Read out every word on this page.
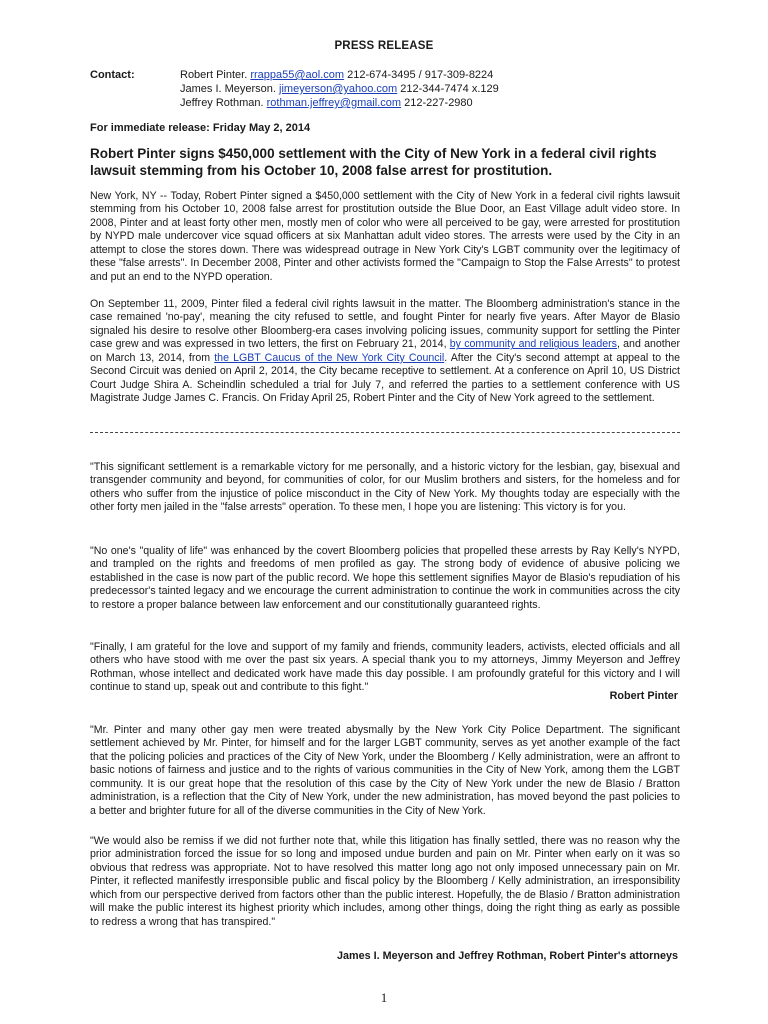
PRESS RELEASE
Contact:	Robert Pinter. rrappa55@aol.com 212-674-3495 / 917-309-8224
James I. Meyerson. jimeyerson@yahoo.com 212-344-7474 x.129
Jeffrey Rothman. rothman.jeffrey@gmail.com 212-227-2980
For immediate release: Friday May 2, 2014
Robert Pinter signs $450,000 settlement with the City of New York in a federal civil rights lawsuit stemming from his October 10, 2008 false arrest for prostitution.
New York, NY -- Today, Robert Pinter signed a $450,000 settlement with the City of New York in a federal civil rights lawsuit stemming from his October 10, 2008 false arrest for prostitution outside the Blue Door, an East Village adult video store. In 2008, Pinter and at least forty other men, mostly men of color who were all perceived to be gay, were arrested for prostitution by NYPD male undercover vice squad officers at six Manhattan adult video stores. The arrests were used by the City in an attempt to close the stores down. There was widespread outrage in New York City's LGBT community over the legitimacy of these "false arrests". In December 2008, Pinter and other activists formed the "Campaign to Stop the False Arrests" to protest and put an end to the NYPD operation.
On September 11, 2009, Pinter filed a federal civil rights lawsuit in the matter. The Bloomberg administration's stance in the case remained 'no-pay', meaning the city refused to settle, and fought Pinter for nearly five years. After Mayor de Blasio signaled his desire to resolve other Bloomberg-era cases involving policing issues, community support for settling the Pinter case grew and was expressed in two letters, the first on February 21, 2014, by community and religious leaders, and another on March 13, 2014, from the LGBT Caucus of the New York City Council. After the City's second attempt at appeal to the Second Circuit was denied on April 2, 2014, the City became receptive to settlement. At a conference on April 10, US District Court Judge Shira A. Scheindlin scheduled a trial for July 7, and referred the parties to a settlement conference with US Magistrate Judge James C. Francis. On Friday April 25, Robert Pinter and the City of New York agreed to the settlement.
"This significant settlement is a remarkable victory for me personally, and a historic victory for the lesbian, gay, bisexual and transgender community and beyond, for communities of color, for our Muslim brothers and sisters, for the homeless and for others who suffer from the injustice of police misconduct in the City of New York. My thoughts today are especially with the other forty men jailed in the "false arrests" operation. To these men, I hope you are listening: This victory is for you.
"No one's "quality of life" was enhanced by the covert Bloomberg policies that propelled these arrests by Ray Kelly's NYPD, and trampled on the rights and freedoms of men profiled as gay. The strong body of evidence of abusive policing we established in the case is now part of the public record. We hope this settlement signifies Mayor de Blasio's repudiation of his predecessor's tainted legacy and we encourage the current administration to continue the work in communities across the city to restore a proper balance between law enforcement and our constitutionally guaranteed rights.
"Finally, I am grateful for the love and support of my family and friends, community leaders, activists, elected officials and all others who have stood with me over the past six years. A special thank you to my attorneys, Jimmy Meyerson and Jeffrey Rothman, whose intellect and dedicated work have made this day possible. I am profoundly grateful for this victory and I will continue to stand up, speak out and contribute to this fight."
Robert Pinter
"Mr. Pinter and many other gay men were treated abysmally by the New York City Police Department. The significant settlement achieved by Mr. Pinter, for himself and for the larger LGBT community, serves as yet another example of the fact that the policing policies and practices of the City of New York, under the Bloomberg / Kelly administration, were an affront to basic notions of fairness and justice and to the rights of various communities in the City of New York, among them the LGBT community. It is our great hope that the resolution of this case by the City of New York under the new de Blasio / Bratton administration, is a reflection that the City of New York, under the new administration, has moved beyond the past policies to a better and brighter future for all of the diverse communities in the City of New York.
"We would also be remiss if we did not further note that, while this litigation has finally settled, there was no reason why the prior administration forced the issue for so long and imposed undue burden and pain on Mr. Pinter when early on it was so obvious that redress was appropriate. Not to have resolved this matter long ago not only imposed unnecessary pain on Mr. Pinter, it reflected manifestly irresponsible public and fiscal policy by the Bloomberg / Kelly administration, an irresponsibility which from our perspective derived from factors other than the public interest. Hopefully, the de Blasio / Bratton administration will make the public interest its highest priority which includes, among other things, doing the right thing as early as possible to redress a wrong that has transpired."
James I. Meyerson and Jeffrey Rothman, Robert Pinter's attorneys
1
